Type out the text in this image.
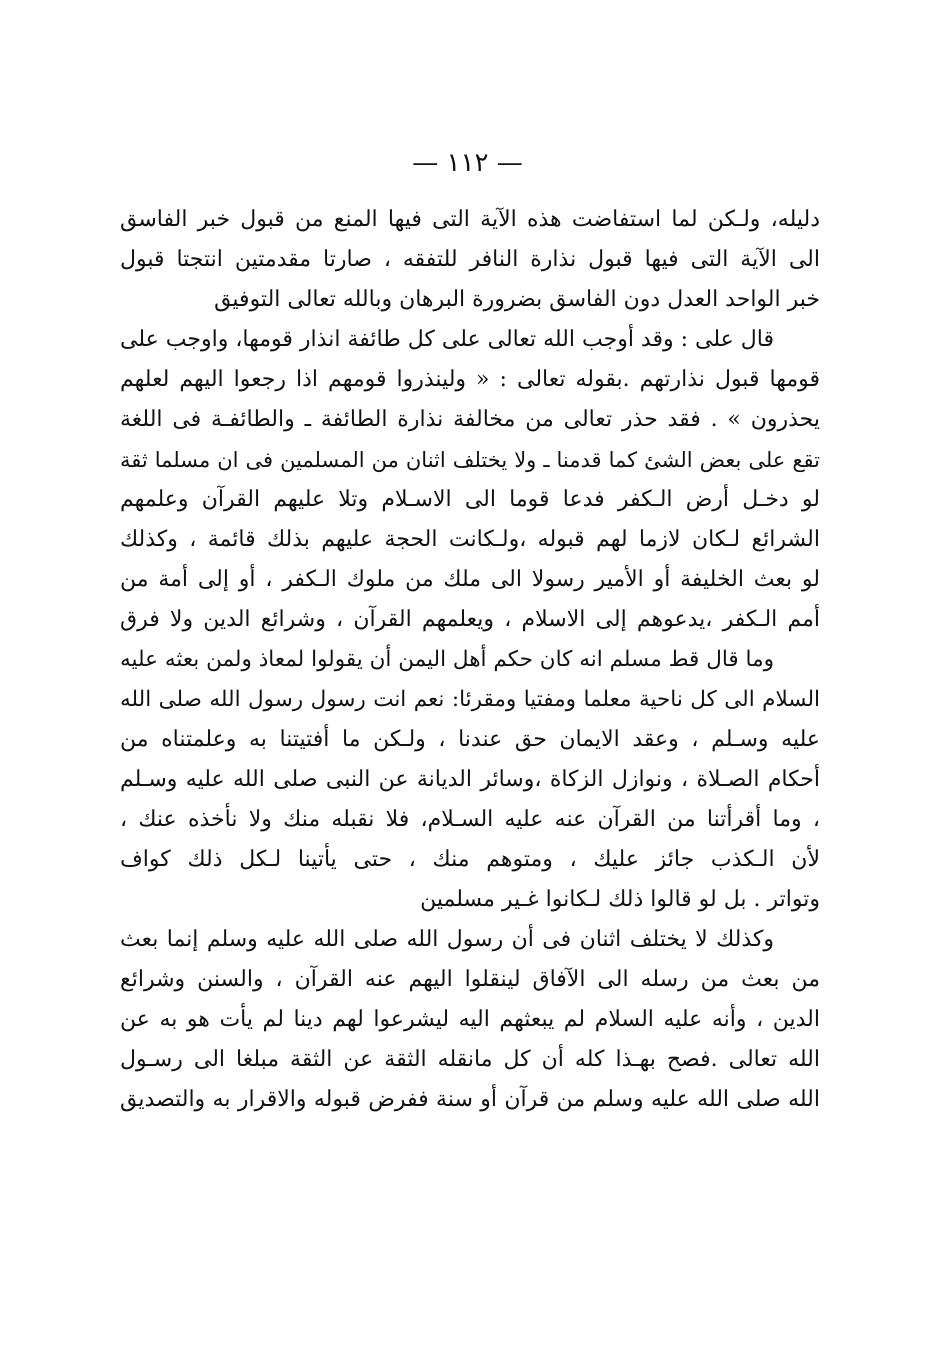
— ١١٢ —
دليله، ولـكن لما استفاضت هذه الآية التى فيها المنع من قبول خبر الفاسق
الى الآية التى فيها قبول نذارة النافر للتفقه ، صارتا مقدمتين انتجتا قبول
خبر الواحد العدل دون الفاسق بضرورة البرهان وبالله تعالى التوفيق
قال على : وقد أوجب الله تعالى على كل طائفة انذار قومها، واوجب على
قومها قبول نذارتهم .بقوله تعالى : « ولينذروا قومهم اذا رجعوا اليهم لعلهم
يحذرون » . فقد حذر تعالى من مخالفة نذارة الطائفة ـ والطائفـة فى اللغة
تقع على بعض الشئ كما قدمنا ـ ولا يختلف اثنان من المسلمين فى ان مسلما ثقة
لو دخـل أرض الـكفر فدعا قوما الى الاسـلام وتلا عليهم القرآن وعلمهم
الشرائع لـكان لازما لهم قبوله ،ولـكانت الحجة عليهم بذلك قائمة ، وكذلك
لو بعث الخليفة أو الأمير رسولا الى ملك من ملوك الـكفر ، أو إلى أمة من
أمم الـكفر ،يدعوهم إلى الاسلام ، ويعلمهم القرآن ، وشرائع الدين ولا فرق
وما قال قط مسلم انه كان حكم أهل اليمن أن يقولوا لمعاذ ولمن بعثه عليه
السلام الى كل ناحية معلما ومفتيا ومقرئا: نعم انت رسول رسول الله صلى الله
عليه وسـلم ، وعقد الايمان حق عندنا ، ولـكن ما أفتيتنا به وعلمتناه من
أحكام الصـلاة ، ونوازل الزكاة ،وسائر الديانة عن النبى صلى الله عليه وسـلم
، وما أقرأتنا من القرآن عنه عليه السـلام، فلا نقبله منك ولا نأخذه عنك ،
لأن الـكذب جائز عليك ، ومتوهم منك ، حتى يأتينا لـكل ذلك كواف
وتواتر . بل لو قالوا ذلك لـكانوا غـير مسلمين
وكذلك لا يختلف اثنان فى أن رسول الله صلى الله عليه وسلم إنما بعث
من بعث من رسله الى الآفاق لينقلوا اليهم عنه القرآن ، والسنن وشرائع
الدين ، وأنه عليه السلام لم يبعثهم اليه ليشرعوا لهم دينا لم يأت هو به عن
الله تعالى .فصح بهـذا كله أن كل مانقله الثقة عن الثقة مبلغا الى رسـول
الله صلى الله عليه وسلم من قرآن أو سنة ففرض قبوله والاقرار به والتصديق
